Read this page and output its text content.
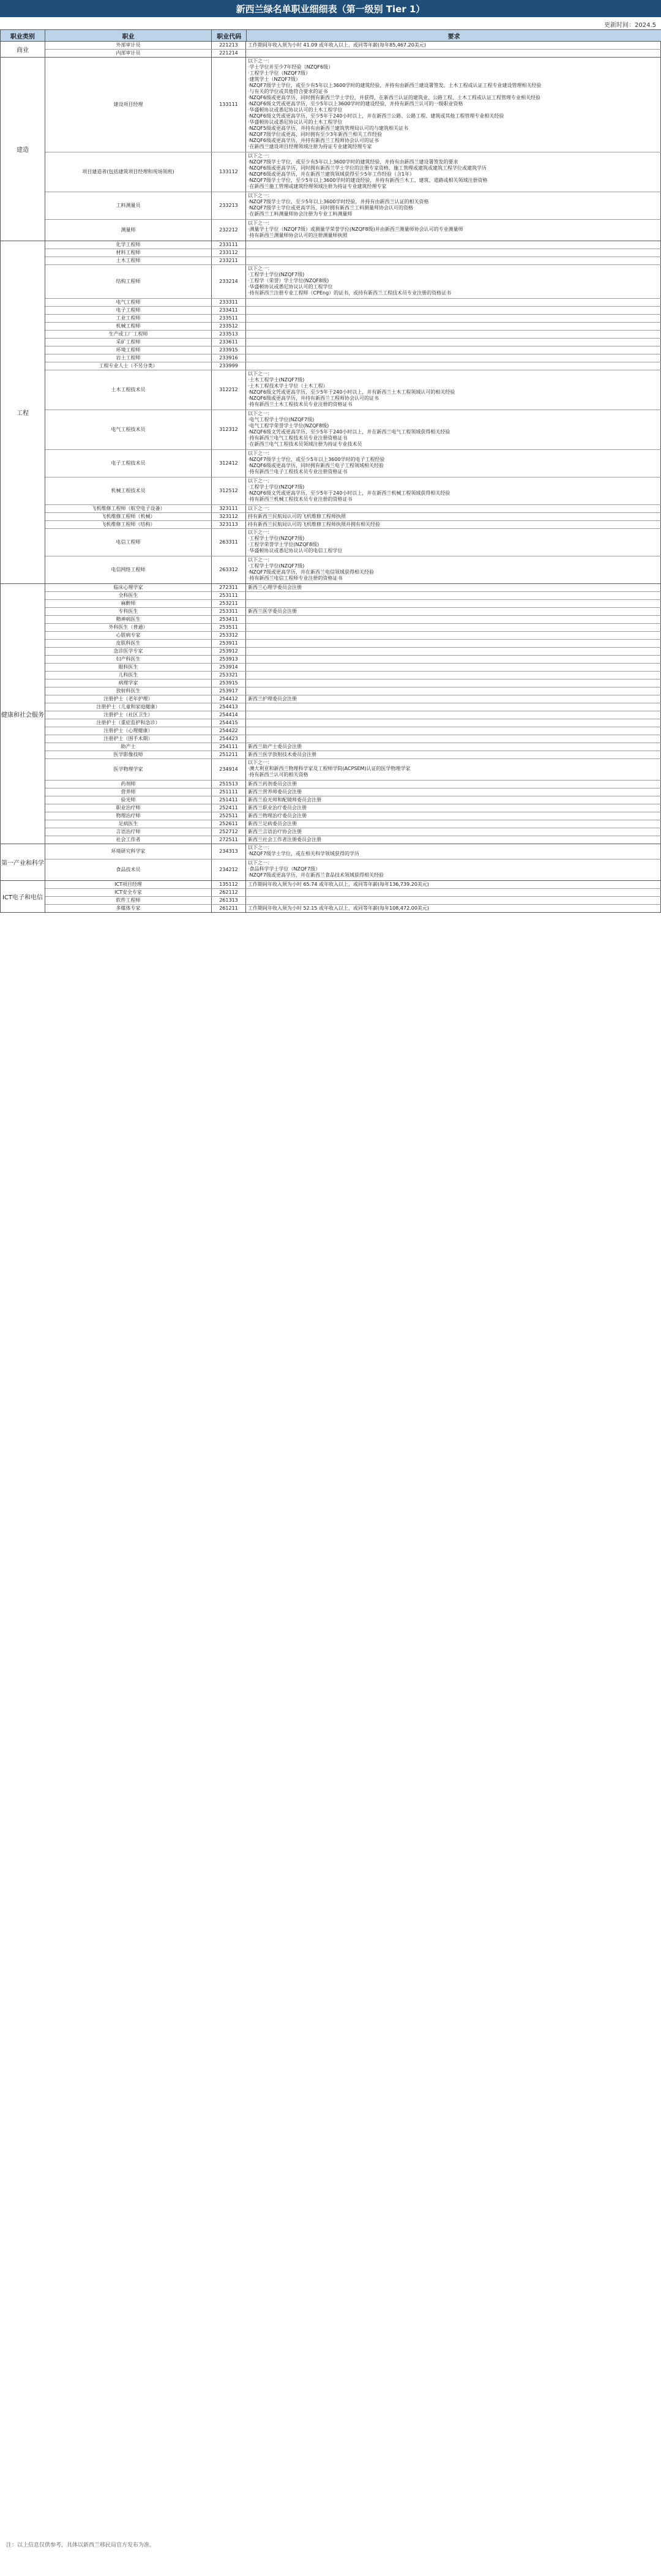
新西兰绿名单职业细细表（第一级别 Tier 1）
更新时间：2024.5
职业类别	职业	职业代码	要求
商业
外部审计员	221213	工作期间年收入须为小时 41.09 或年收入以上，或同等年薪(每年85,467.20美元)
内部审计员	221214
建造
建设项目经理	133111
以下之一：
·学士学位并至少7年经验（NZQF6级）
·工程学士学位（NZQF7级）
·建筑学士（NZQF7级）
·NZQF7级学士学位，或至少有5年以上3600学时的建筑经验，并持有由新西兰建设署签发、土木工程或认证工程专业建设管理相关经验
·与有关的学位或其他符合要求的证书
·NZQF6级或更高学历，同时拥有新西兰学士学位，并获得，在新西兰认证的建筑业、公路工程、土木工程或认证工程管理专业相关经验
·NZQF6级文凭或更高学历，至少5年以上3600学时的建设经验，并持有新西兰认可的一级职业资格
·华盛顿协议或悉尼协议认可的土木工程学位
·NZQF6级文凭或更高学历，至少5年于240小时以上，并在新西兰公路、公路工程、建筑或其他工程管理专业相关经验
·华盛顿协议或悉尼协议认可的土木工程学位
·NZQF5级或更高学历，并持有由新西兰建筑管理局认可的与建筑相关证书
·NZQF7级学位或更高，同时拥有至少3年新西兰相关工作经验
·NZQF6级或更高学历，并持有新西兰工程师协会认可的证书
·在新西兰建设项目经理领域注册为持证专业建筑经理专家
项目建造者(包括建筑项目经理和现场领班)	133112
以下之一：
·NZQF7级学士学位，或至少有5年以上3600学时的建筑经验，并持有由新西兰建设署签发的要求
·NZQF6级或更高学历，同时拥有新西兰学士学位的注册专家资格，施工管理或建筑或建筑工程学位或建筑学历
·NZQF6级或更高学历，并在新西兰建筑领域获得至少5年工作经验（含1年）
·NZQF7级学士学位，至少5年以上3600学时的建设经验，并持有新西兰木工、建筑、道路或相关领域注册资格
·在新西兰施工管理或建筑经理领域注册为持证专业建筑经理专家
工料测量员	233213
以下之一：
·NZQF7级学士学位，至少5年以上3600学时经验，并持有由新西兰认证的相关资格
·NZQF7级学士学位或更高学历，同时拥有新西兰工料测量师协会认可的资格
·在新西兰工料测量师协会注册为专业工料测量师
测量师	232212
以下之一：
·测量学士学位（NZQF7级）或测量学荣誉学位(NZQF8级)并由新西兰测量师协会认可的专业测量师
·持有新西兰测量师协会认可的注册测量师执照
工程
化学工程师	233111
材料工程师	233112
土木工程师	233211
结构工程师	233214
以下之一：
·工程学士学位(NZQF7级)
·工程学（荣誉）学士学位(NZQF8级)
·华盛顿协议或悉尼协议认可的工程学位
·持有新西兰注册专业工程师（CPEng）的证书，或持有新西兰工程技术员专业注册的资格证书
电气工程师	233311
电子工程师	233411
工业工程师	233511
机械工程师	233512
生产或工厂工程师	233513
采矿工程师	233611
环境工程师	233915
岩土工程师	233916
工程专业人士（不另分类）	233999
土木工程技术员	312212
以下之一：
·土木工程学士(NZQF7级)
·土木工程技术学士学位（土木工程）
·NZQF6级文凭或更高学历，至少5年于240小时以上，并有新西兰土木工程领域认可的相关经验
·NZQF6级或更高学历，并持有新西兰工程师协会认可的证书
·持有新西兰土木工程技术员专业注册的资格证书
电气工程技术员	312312
以下之一：
·电气工程学士学位(NZQF7级)
·电气工程学荣誉学士学位(NZQF8级)
·NZQF6级文凭或更高学历，至少5年于240小时以上，并在新西兰电气工程领域获得相关经验
·持有新西兰电气工程技术员专业注册资格证书
·在新西兰电气工程技术员领域注册为持证专业技术员
电子工程技术员	312412
以下之一：
·NZQF7级学士学位，或至少5年以上3600学时的电子工程经验
·NZQF6级或更高学历，同时拥有新西兰电子工程领域相关经验
·持有新西兰电子工程技术员专业注册资格证书
机械工程技术员	312512
以下之一：
·工程学士学位(NZQF7级)
·NZQF6级文凭或更高学历，至少5年于240小时以上，并在新西兰机械工程领域获得相关经验
·持有新西兰机械工程技术员专业注册的资格证书
飞机维修工程师（航空电子设备）	323111	以下之一：
飞机维修工程师（机械）	323112	持有新西兰民航局认可的飞机维修工程师执照
飞机维修工程师（结构）	323113	持有新西兰民航局认可的飞机维修工程师执照并拥有相关经验
电信工程师	263311
以下之一：
·工程学士学位(NZQF7级)
·工程学荣誉学士学位(NZQF8级)
·华盛顿协议或悉尼协议认可的电信工程学位
电信网络工程师	263312
以下之一：
·工程学士学位(NZQF7级)
·NZQF7级或更高学历，并在新西兰电信领域获得相关经验
·持有新西兰电信工程师专业注册的资格证书
健康和社会服务
临床心理学家	272311	新西兰心理学委员会注册
全科医生	253111
麻醉师	253211
专科医生	253311	新西兰医学委员会注册
精神病医生	253411
外科医生（普通）	253511
心脏病专家	253312
皮肤科医生	253911
急诊医学专家	253912
妇产科医生	253913
眼科医生	253914
儿科医生	253321
病理学家	253915
放射科医生	253917
注册护士（老年护理）	254412	新西兰护理委员会注册
注册护士（儿童和家庭健康）	254413
注册护士（社区卫生）	254414
注册护士（重症监护和急诊）	254415
注册护士（心理健康）	254422
注册护士（围手术期）	254423
助产士	254111	新西兰助产士委员会注册
医学影像技师	251211	新西兰医学放射技术委员会注册
医学物理学家	234914
以下之一：
·澳大利亚和新西兰物理科学家及工程师学院(ACPSEM)认证的医学物理学家
·持有新西兰认可的相关资格
药剂师	251513	新西兰药剂委员会注册
营养师	251111	新西兰营养师委员会注册
验光师	251411	新西兰验光师和配镜师委员会注册
职业治疗师	252411	新西兰职业治疗委员会注册
物理治疗师	252511	新西兰物理治疗委员会注册
足病医生	252611	新西兰足病委员会注册
言语治疗师	252712	新西兰言语治疗协会注册
社会工作者	272511	新西兰社会工作者注册委员会注册
第一产业和科学
环境研究科学家	234313
以下之一：
·NZQF7级学士学位，或在相关科学领域获得的学历
食品技术员	234212
以下之一：
·食品科学学士学位（NZQF7级）
·NZQF7级或更高学历，并在新西兰食品技术领域获得相关经验
ICT电子和电信
ICT项目经理	135112	工作期间年收入须为小时 65.74 或年收入以上，或同等年薪(每年136,739.20美元)
ICT安全专家	262112
软件工程师	261313
多媒体专家	261211	工作期间年收入须为小时 52.15 或年收入以上，或同等年薪(每年108,472.00美元)
注：以上信息仅供参考，具体以新西兰移民局官方发布为准。
